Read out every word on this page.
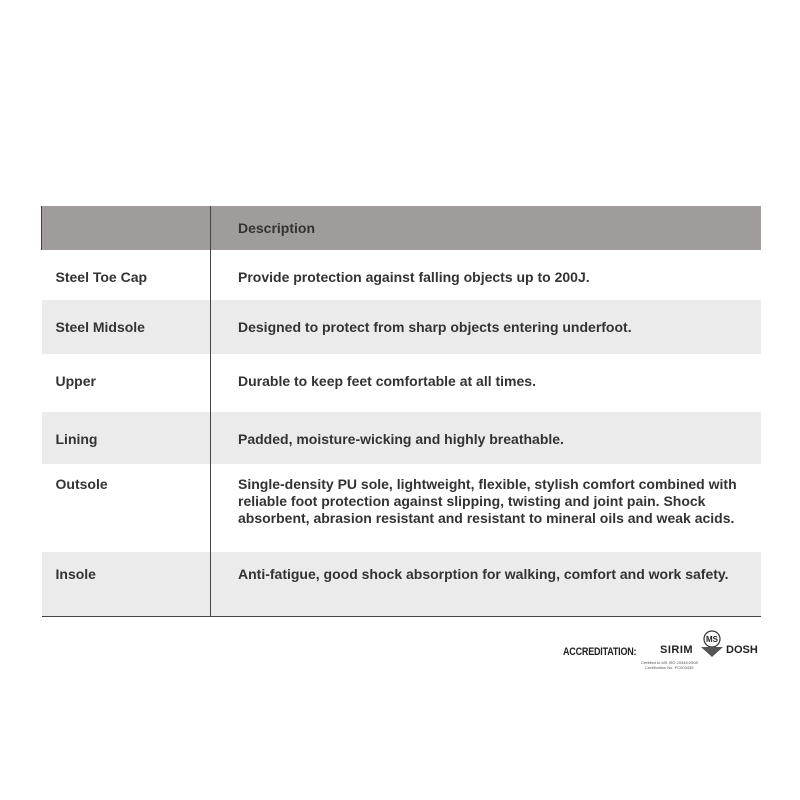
	Description
Steel Toe Cap	Provide protection against falling objects up to 200J.
Steel Midsole	Designed to protect from sharp objects entering underfoot.
Upper	Durable to keep feet comfortable at all times.
Lining	Padded, moisture-wicking and highly breathable.
Outsole	Single-density PU sole, lightweight, flexible, stylish comfort combined with reliable foot protection against slipping, twisting and joint pain. Shock absorbent, abrasion resistant and resistant to mineral oils and weak acids.
Insole	Anti-fatigue, good shock absorption for walking, comfort and work safety.
ACCREDITATION: SIRIM
MS
DOSH
Certified to MS ISO 20345:2008
Certification No. PC003439
